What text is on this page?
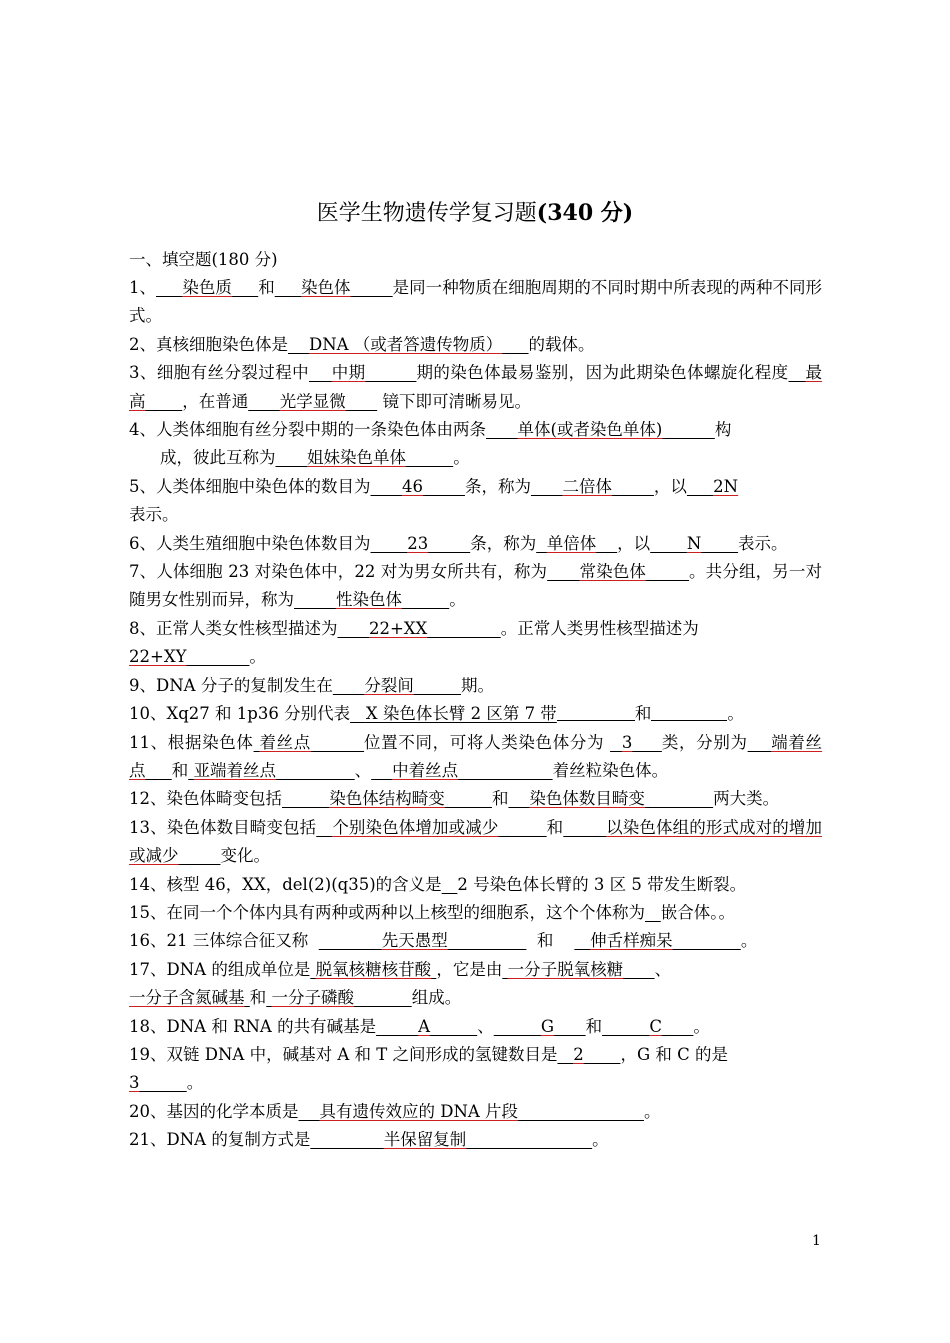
医学生物遗传学复习题(340 分)
一、填空题(180 分)

1、 染色质 和 染色体	是同一种物质在细胞周期的不同时期中所表现的两种不同形式。

2、真核细胞染色体是 DNA （或者答遗传物质） 的载体。

3、细胞有丝分裂过程中 中期	期的染色体最易鉴别，因为此期染色体螺旋化程度 最高 ，在普通 光学显微 镜下即可清晰易见。

4、人类体细胞有丝分裂中期的一条染色体由两条 单体(或者染色单体)	构
成，彼此互称为 姐妹染色单体	。

5、人类体细胞中染色体的数目为 46	条，称为 二倍体	，以 2N
表示。

6、人类生殖细胞中染色体数目为 23	条，称为 单倍体 ，以 N 表示。

7、人体细胞 23 对染色体中，22 对为男女所共有，称为 常染色体	。共分组，另一对随男女性别而异，称为	性染色体	。

8、正常人类女性核型描述为 22+XX	。正常人类男性核型描述为
22+XY	。

9、DNA 分子的复制发生在 分裂间	期。

10、Xq27 和 1p36 分别代表 X 染色体长臂 2 区第 7 带	和	。

11、根据染色体 着丝点	位置不同，可将人类染色体分为 3 类，分别为 端着丝点 和 亚端着丝点	、 中着丝点	着丝粒染色体。

12、染色体畸变包括	染色体结构畸变	和 染色体数目畸变	两大类。

13、染色体数目畸变包括 个别染色体增加或减少	和	以染色体组的形式成对的增加或减少	变化。

14、核型 46，XX，del(2)(q35)的含义是 2 号染色体长臂的 3 区 5 带发生断裂。

15、在同一个个体内具有两种或两种以上核型的细胞系，这个个体称为 嵌合体。。

16、21 三体综合征又称	先天愚型	和 伸舌样痴呆	。

17、DNA 的组成单位是 脱氧核糖核苷酸 ，它是由 一分子脱氧核糖 、
一分子含氮碱基 和 一分子磷酸	组成。

18、DNA 和 RNA 的共有碱基是	A	、	G 和	C 。

19、双链 DNA 中，碱基对 A 和 T 之间形成的氢键数目是 2 ，G 和 C 的是
3	。

20、基因的化学本质是 具有遗传效应的 DNA 片段	。

21、DNA 的复制方式是	半保留复制	。

1
